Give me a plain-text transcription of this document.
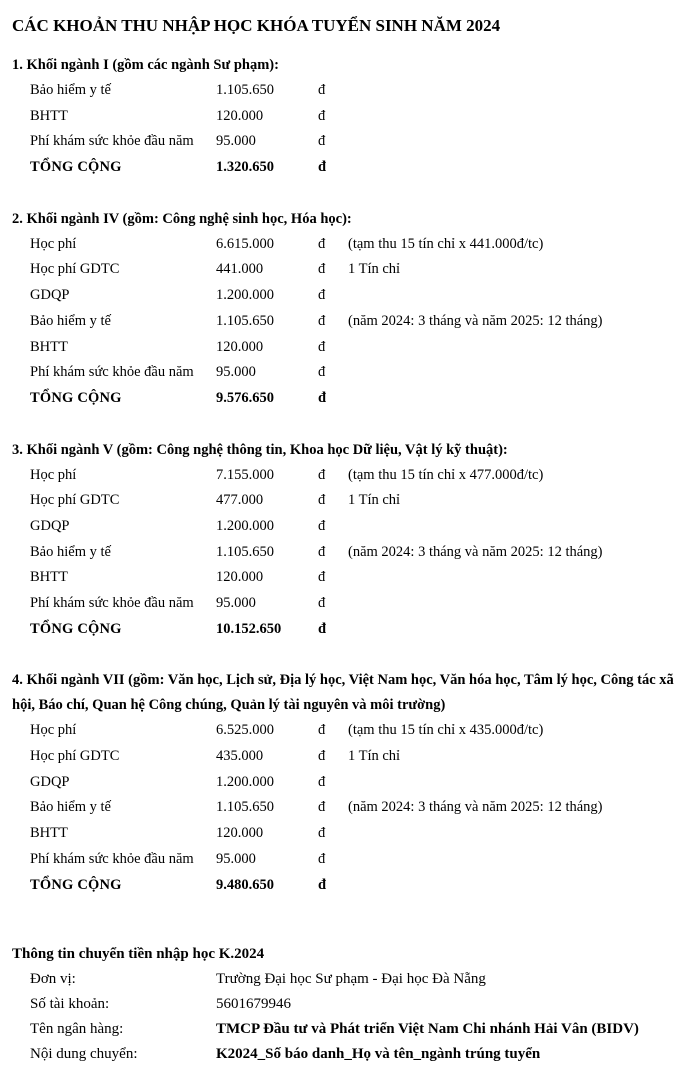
CÁC KHOẢN THU NHẬP HỌC KHÓA TUYỂN SINH NĂM 2024
1. Khối ngành I (gồm các ngành Sư phạm):
Bảo hiểm y tế	1.105.650	đ
BHTT	120.000	đ
Phí khám sức khỏe đầu năm 95.000	đ
TỔNG CỘNG	1.320.650	đ
2. Khối ngành IV (gồm: Công nghệ sinh học, Hóa học):
Học phí	6.615.000	đ (tạm thu 15 tín chỉ x 441.000đ/tc)
Học phí GDTC	441.000	đ 1 Tín chỉ
GDQP	1.200.000	đ
Bảo hiểm y tế	1.105.650	đ (năm 2024: 3 tháng và năm 2025: 12 tháng)
BHTT	120.000	đ
Phí khám sức khỏe đầu năm 95.000	đ
TỔNG CỘNG	9.576.650	đ
3. Khối ngành V (gồm: Công nghệ thông tin, Khoa học Dữ liệu, Vật lý kỹ thuật):
Học phí	7.155.000	đ (tạm thu 15 tín chỉ x 477.000đ/tc)
Học phí GDTC	477.000	đ 1 Tín chỉ
GDQP	1.200.000	đ
Bảo hiểm y tế	1.105.650	đ (năm 2024: 3 tháng và năm 2025: 12 tháng)
BHTT	120.000	đ
Phí khám sức khỏe đầu năm 95.000	đ
TỔNG CỘNG	10.152.650	đ
4. Khối ngành VII (gồm: Văn học, Lịch sử, Địa lý học, Việt Nam học, Văn hóa học, Tâm lý học, Công tác xã hội, Báo chí, Quan hệ Công chúng, Quản lý tài nguyên và môi trường)
Học phí	6.525.000	đ (tạm thu 15 tín chỉ x 435.000đ/tc)
Học phí GDTC	435.000	đ 1 Tín chỉ
GDQP	1.200.000	đ
Bảo hiểm y tế	1.105.650	đ (năm 2024: 3 tháng và năm 2025: 12 tháng)
BHTT	120.000	đ
Phí khám sức khỏe đầu năm 95.000	đ
TỔNG CỘNG	9.480.650	đ
Thông tin chuyển tiền nhập học K.2024
Đơn vị:	Trường Đại học Sư phạm - Đại học Đà Nẵng
Số tài khoản:	5601679946
Tên ngân hàng:	TMCP Đầu tư và Phát triển Việt Nam Chi nhánh Hải Vân (BIDV)
Nội dung chuyển:	K2024_Số báo danh_Họ và tên_ngành trúng tuyển
